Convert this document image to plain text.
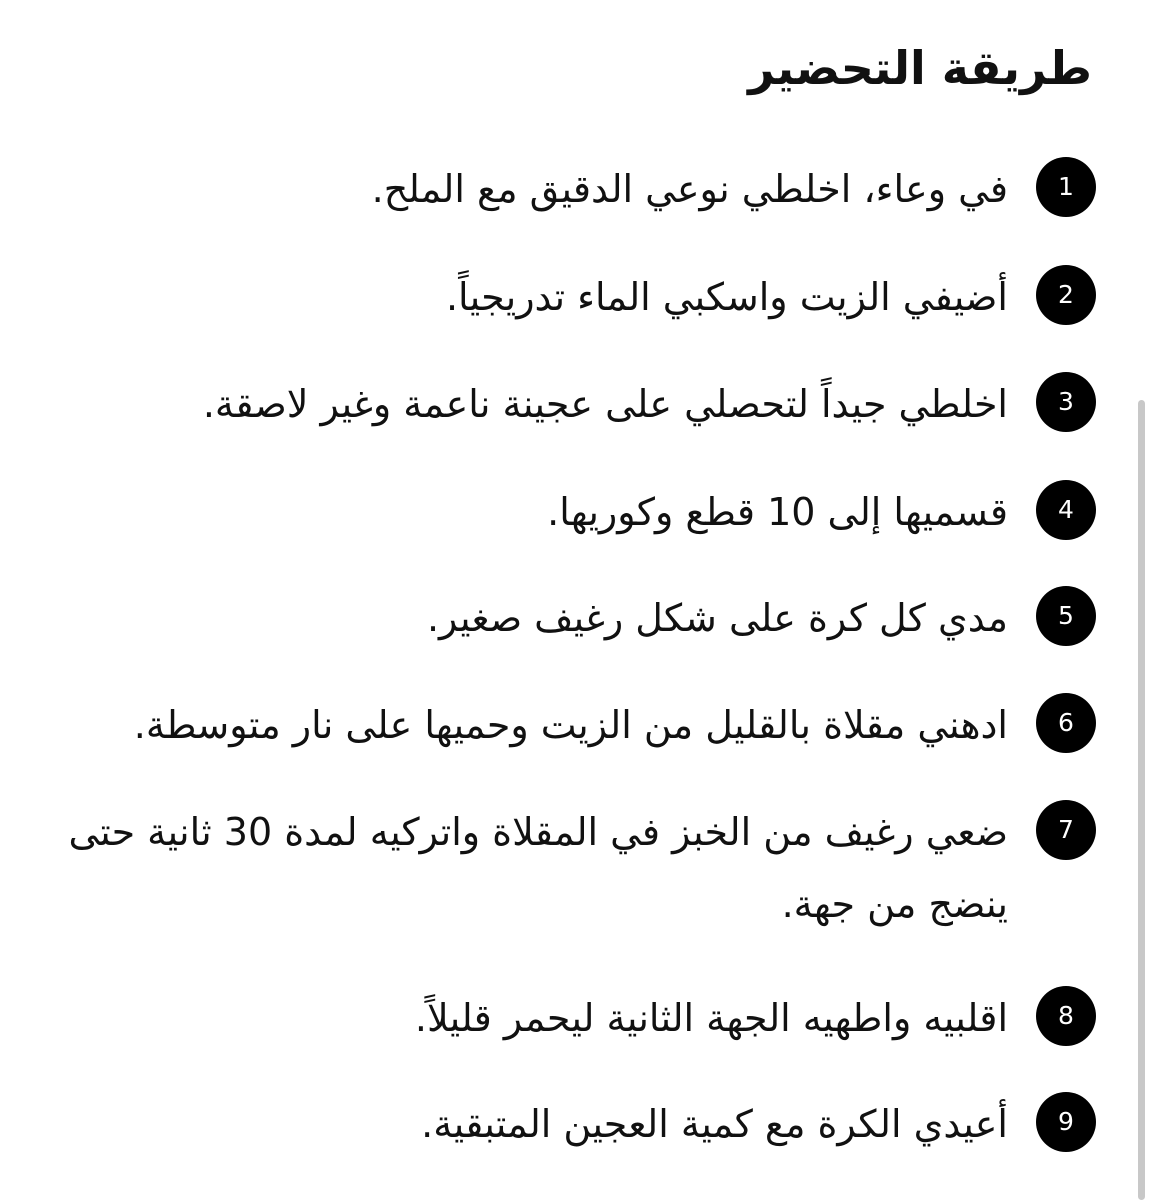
طريقة التحضير
1
في وعاء، اخلطي نوعي الدقيق مع الملح.
2
أضيفي الزيت واسكبي الماء تدريجياً.
3
اخلطي جيداً لتحصلي على عجينة ناعمة وغير لاصقة.
4
قسميها إلى 10 قطع وكوريها.
5
مدي كل كرة على شكل رغيف صغير.
6
ادهني مقلاة بالقليل من الزيت وحميها على نار متوسطة.
7
ضعي رغيف من الخبز في المقلاة واتركيه لمدة 30 ثانية حتى ينضج من جهة.
8
اقلبيه واطهيه الجهة الثانية ليحمر قليلاً.
9
أعيدي الكرة مع كمية العجين المتبقية.
